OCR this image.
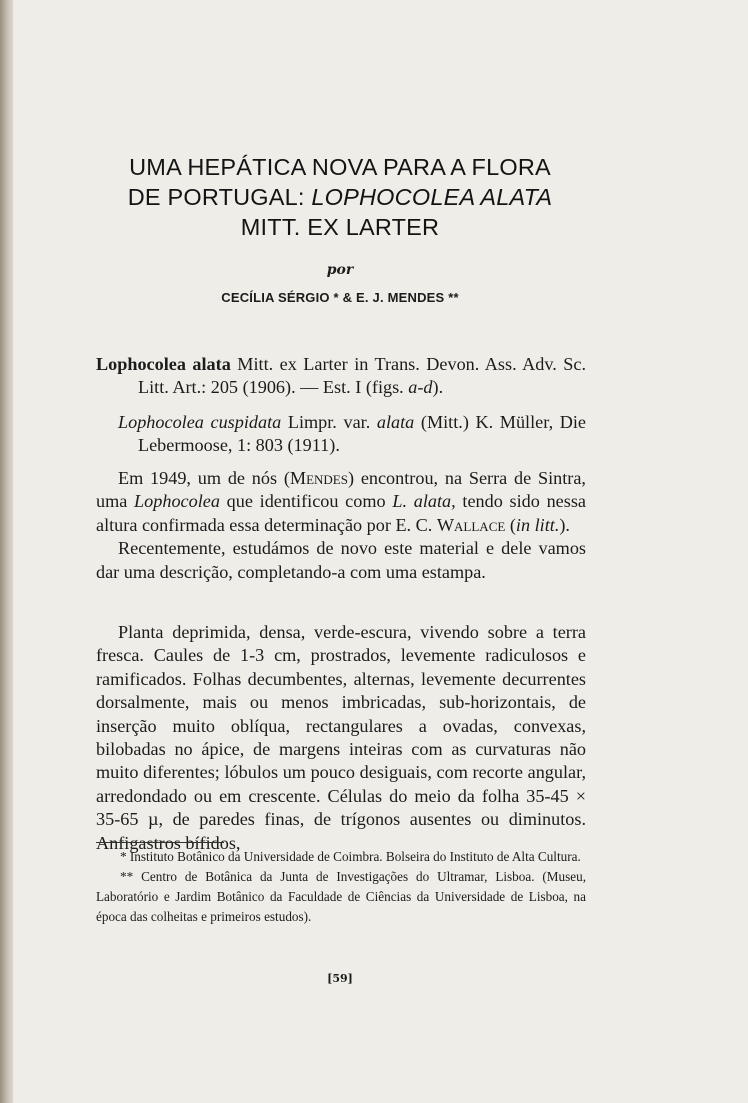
UMA HEPÁTICA NOVA PARA A FLORA
DE PORTUGAL: LOPHOCOLEA ALATA
MITT. EX LARTER
por
CECÍLIA SÉRGIO * & E. J. MENDES **

Lophocolea alata Mitt. ex Larter in Trans. Devon. Ass. Adv. Sc. Litt. Art.: 205 (1906). — Est. I (figs. a-d).

Lophocolea cuspidata Limpr. var. alata (Mitt.) K. Müller, Die Lebermoose, 1: 803 (1911).

Em 1949, um de nós (Mendes) encontrou, na Serra de Sintra, uma Lophocolea que identificou como L. alata, tendo sido nessa altura confirmada essa determinação por E. C. Wallace (in litt.).

Recentemente, estudámos de novo este material e dele vamos dar uma descrição, completando-a com uma estampa.

Planta deprimida, densa, verde-escura, vivendo sobre a terra fresca. Caules de 1-3 cm, prostrados, levemente radiculosos e ramificados. Folhas decumbentes, alternas, levemente decurrentes dorsalmente, mais ou menos imbricadas, sub-horizontais, de inserção muito oblíqua, rectangulares a ovadas, convexas, bilobadas no ápice, de margens inteiras com as curvaturas não muito diferentes; lóbulos um pouco desiguais, com recorte angular, arredondado ou em crescente. Células do meio da folha 35-45 × 35-65 µ, de paredes finas, de trígonos ausentes ou diminutos. Anfigastros bífidos,

* Instituto Botânico da Universidade de Coimbra. Bolseira do Instituto de Alta Cultura.

** Centro de Botânica da Junta de Investigações do Ultramar, Lisboa. (Museu, Laboratório e Jardim Botânico da Faculdade de Ciências da Universidade de Lisboa, na época das colheitas e primeiros estudos).

[59]
